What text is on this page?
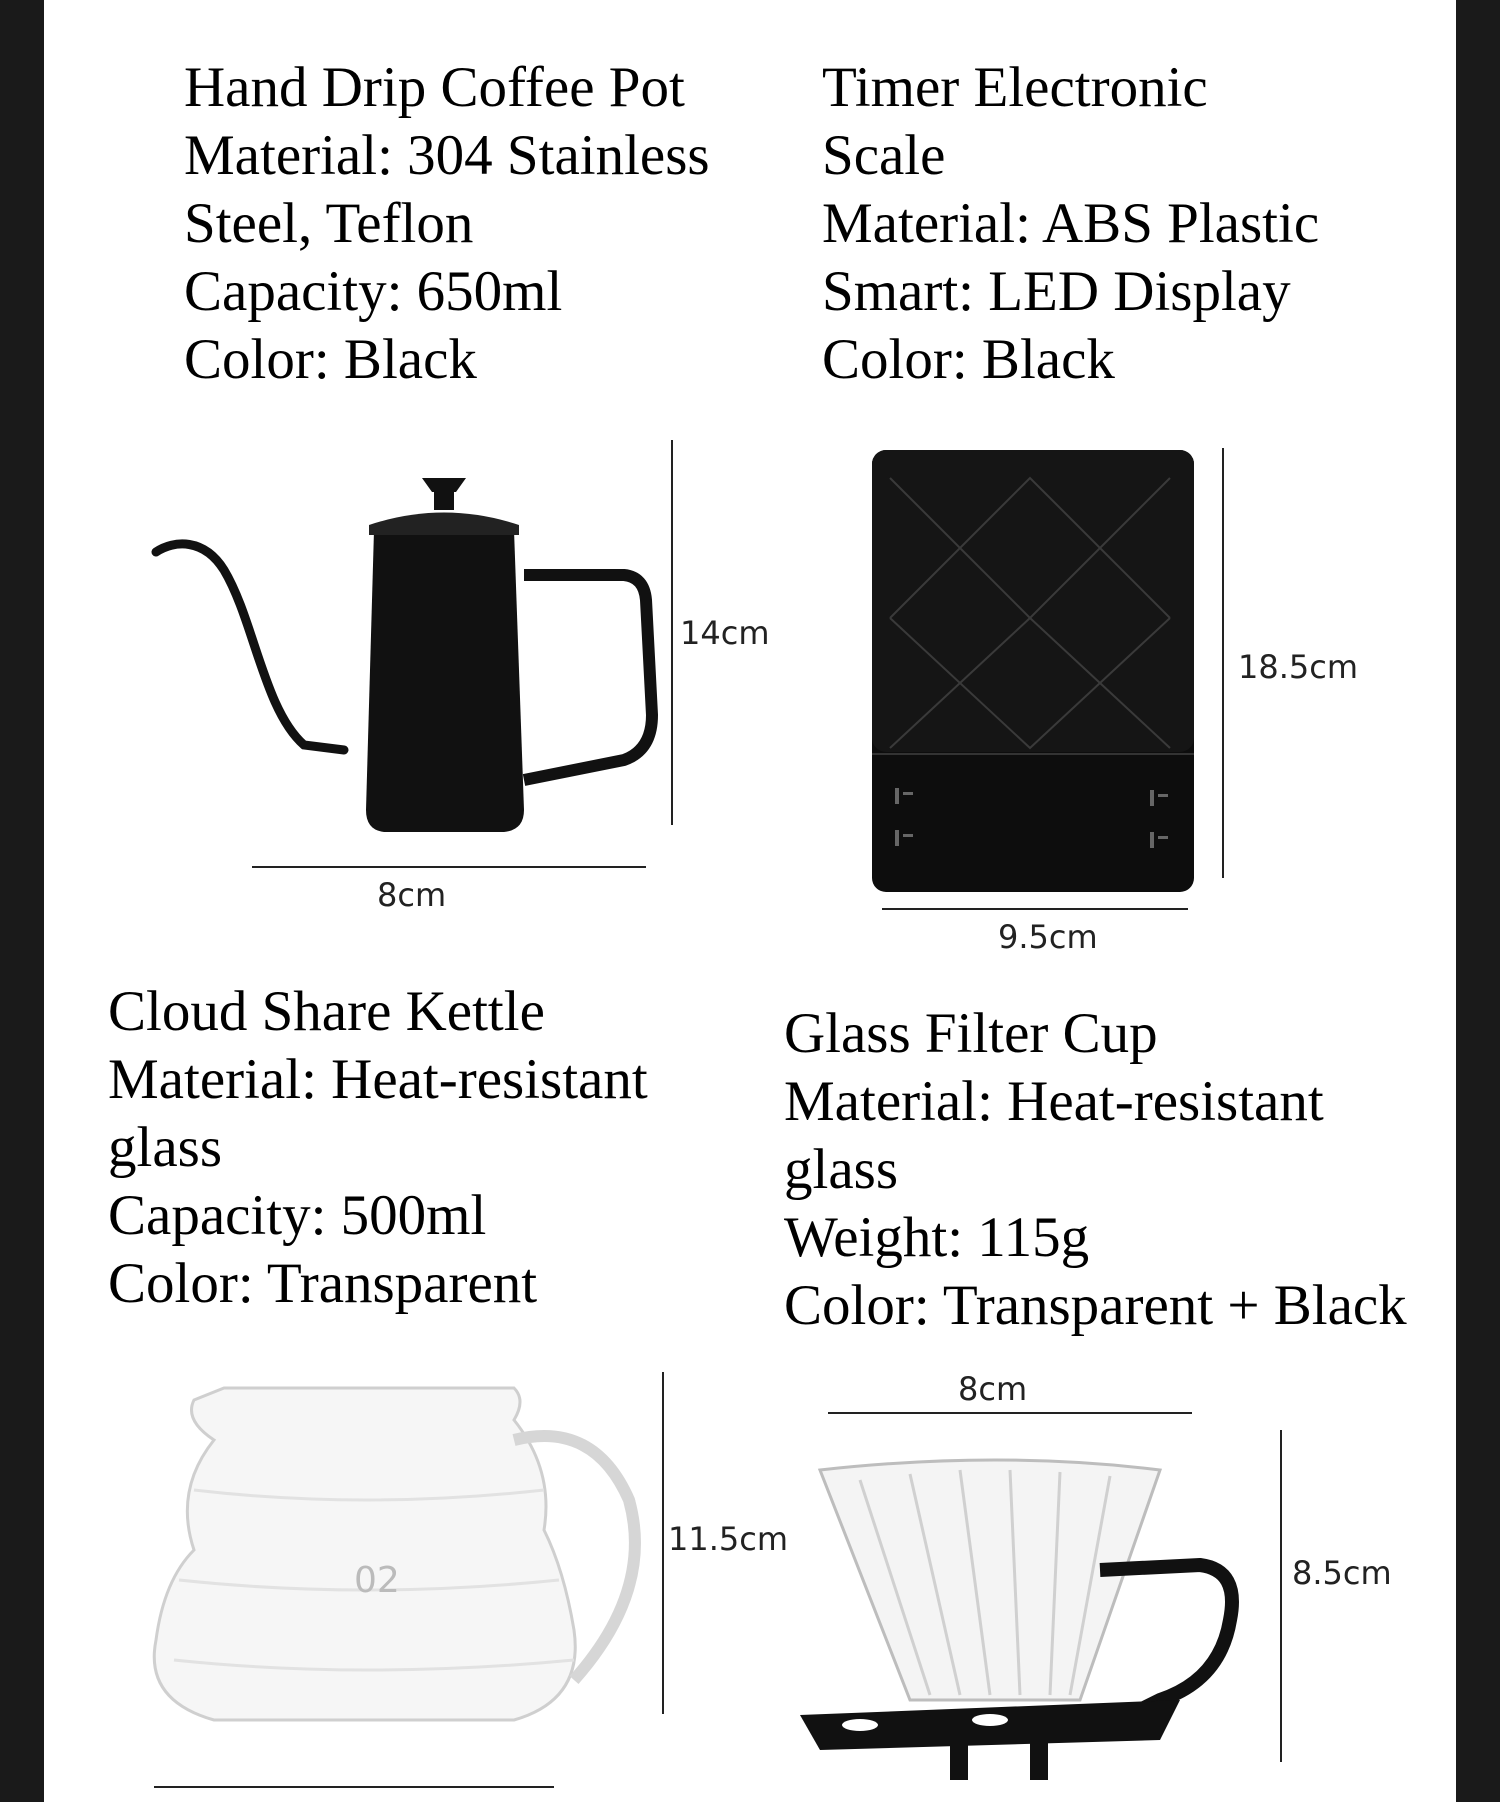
Hand Drip Coffee Pot
Material: 304 Stainless
Steel, Teflon
Capacity: 650ml
Color: Black
Timer Electronic
Scale
Material: ABS Plastic
Smart: LED Display
Color: Black
14cm
8cm
18.5cm
9.5cm
Cloud Share Kettle
Material: Heat-resistant
glass
Capacity: 500ml
Color: Transparent
Glass Filter Cup
Material: Heat-resistant
glass
Weight: 115g
Color: Transparent + Black
02
11.5cm
8cm
8.5cm
